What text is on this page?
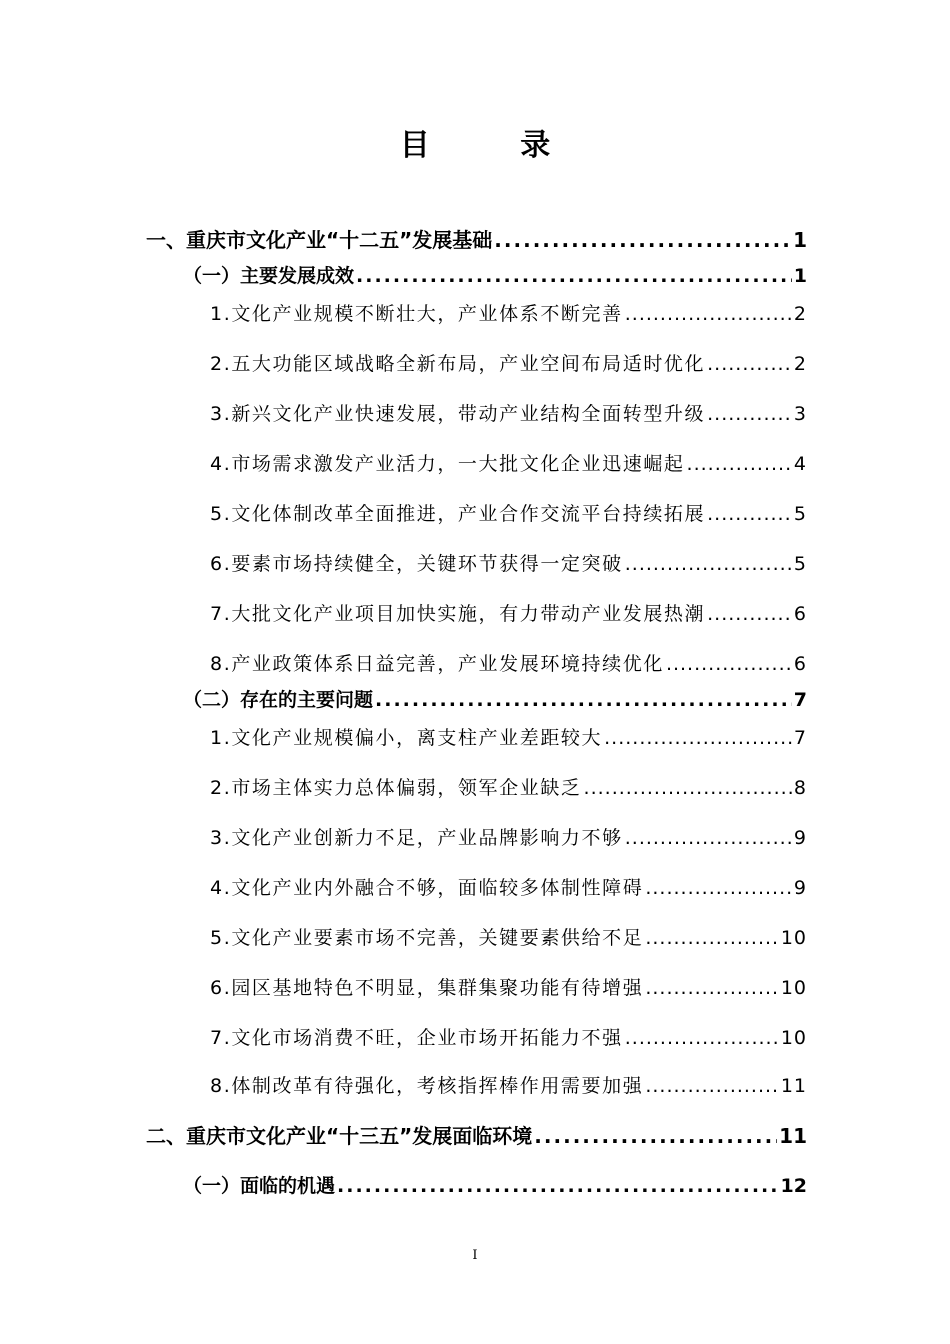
目 录
一、重庆市文化产业“十二五”发展基础 .....	1
（一）主要发展成效 .....	1
1.文化产业规模不断壮大，产业体系不断完善 .....	2
2.五大功能区域战略全新布局，产业空间布局适时优化 .....	2
3.新兴文化产业快速发展，带动产业结构全面转型升级 .....	3
4.市场需求激发产业活力，一大批文化企业迅速崛起 .....	4
5.文化体制改革全面推进，产业合作交流平台持续拓展 .....	5
6.要素市场持续健全，关键环节获得一定突破 .....	5
7.大批文化产业项目加快实施，有力带动产业发展热潮 .....	6
8.产业政策体系日益完善，产业发展环境持续优化 .....	6
（二）存在的主要问题 .....	7
1.文化产业规模偏小，离支柱产业差距较大 .....	7
2.市场主体实力总体偏弱，领军企业缺乏 .....	8
3.文化产业创新力不足，产业品牌影响力不够 .....	9
4.文化产业内外融合不够，面临较多体制性障碍 .....	9
5.文化产业要素市场不完善，关键要素供给不足 .....	10
6.园区基地特色不明显，集群集聚功能有待增强 .....	10
7.文化市场消费不旺，企业市场开拓能力不强 .....	10
8.体制改革有待强化，考核指挥棒作用需要加强 .....	11
二、重庆市文化产业“十三五”发展面临环境 .....	11
（一）面临的机遇 .....	12
I
